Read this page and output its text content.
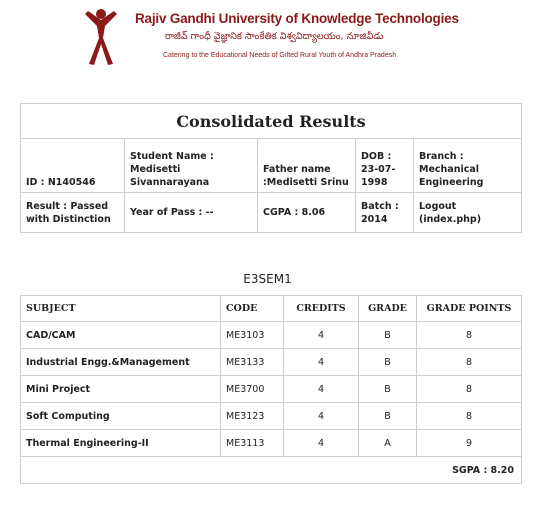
Rajiv Gandhi University of Knowledge Technologies
రాజీవ్ గాంధీ వైజ్ఞానిక సాంకేతిక విశ్వవిద్యాలయం, నూజివీడు
Catering to the Educational Needs of Gifted Rural Youth of Andhra Pradesh
Consolidated Results				
ID : N140546	Student Name : Medisetti Sivannarayana	Father name :Medisetti Srinu	DOB : 23-07-1998	Branch : Mechanical Engineering
Result : Passed with Distinction	Year of Pass : --	CGPA : 8.06	Batch : 2014	Logout (index.php)
E3SEM1
SUBJECT	CODE	CREDITS	GRADE	GRADE POINTS
CAD/CAM	ME3103	4	B	8
Industrial Engg.&Management	ME3133	4	B	8
Mini Project	ME3700	4	B	8
Soft Computing	ME3123	4	B	8
Thermal Engineering-II	ME3113	4	A	9
SGPA : 8.20				
